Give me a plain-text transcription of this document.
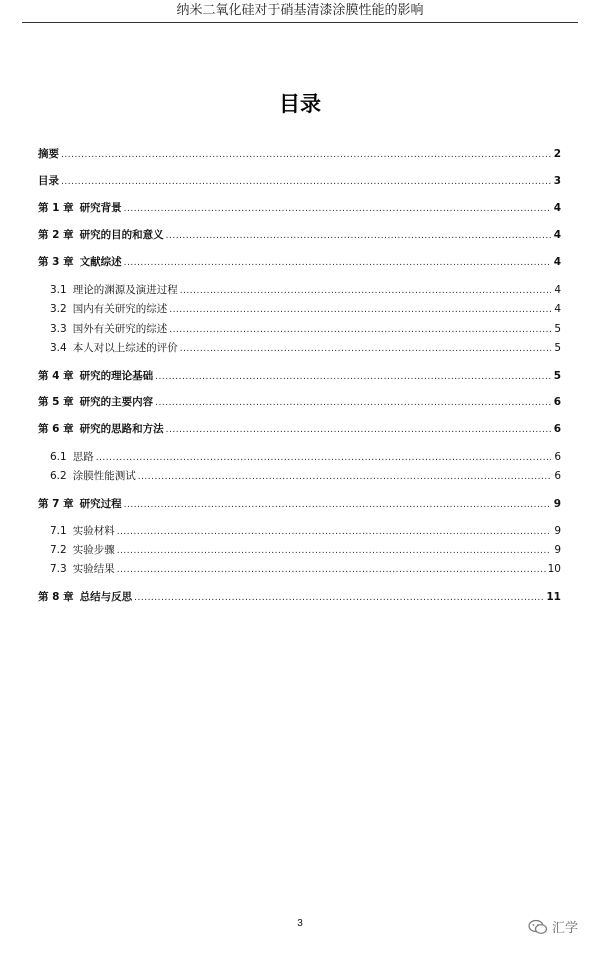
纳米二氧化硅对于硝基清漆涂膜性能的影响
目录
摘要 .....	2
目录 .....	3
第 1 章 研究背景 .....	4
第 2 章 研究的目的和意义 .....	4
第 3 章 文献综述 .....	4
3.1 理论的渊源及演进过程 .....	4
3.2 国内有关研究的综述 .....	4
3.3 国外有关研究的综述 .....	5
3.4 本人对以上综述的评价 .....	5
第 4 章 研究的理论基础 .....	5
第 5 章 研究的主要内容 .....	6
第 6 章 研究的思路和方法 .....	6
6.1 思路 .....	6
6.2 涂膜性能测试 .....	6
第 7 章 研究过程 .....	9
7.1 实验材料 .....	9
7.2 实验步骤 .....	9
7.3 实验结果 .....	10
第 8 章 总结与反思 .....	11
3	汇学
